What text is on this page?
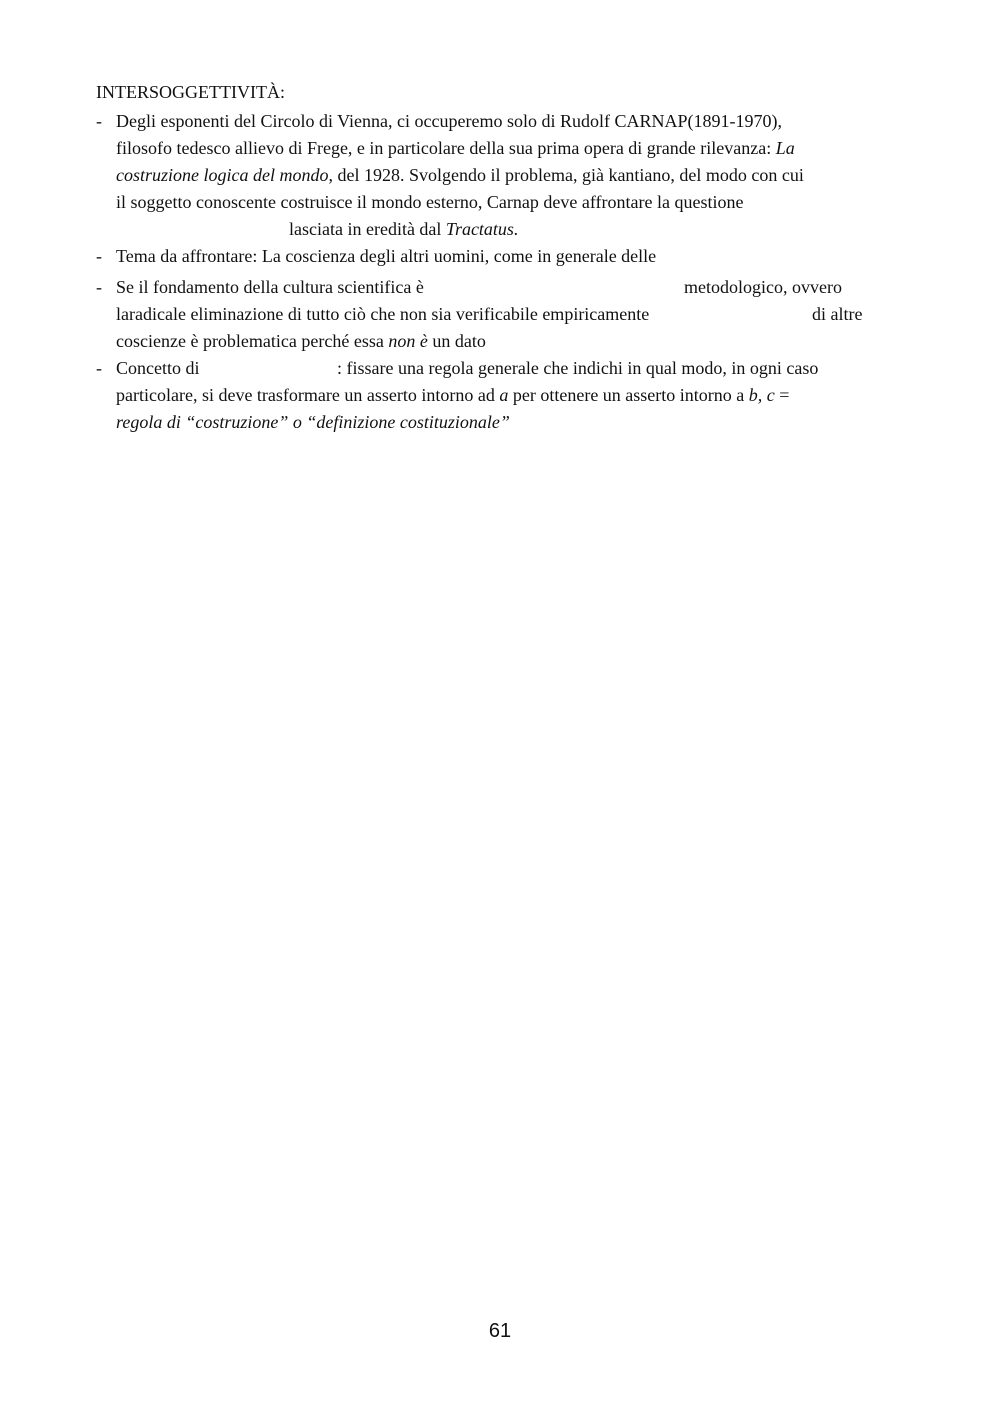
INTERSOGGETTIVITÀ:
- Degli esponenti del Circolo di Vienna, ci occuperemo solo di Rudolf CARNAP(1891-1970),
filosofo tedesco allievo di Frege, e in particolare della sua prima opera di grande rilevanza: La
costruzione logica del mondo, del 1928. Svolgendo il problema, già kantiano, del modo con cui
il soggetto conoscente costruisce il mondo esterno, Carnap deve affrontare la questione
lasciata in eredità dal Tractatus.
- Tema da affrontare: La coscienza degli altri uomini, come in generale delle
- Se il fondamento della cultura scientifica è	metodologico, ovvero
laradicale eliminazione di tutto ciò che non sia verificabile empiricamente	di altre
coscienze è problematica perché essa non è un dato
- Concetto di	: fissare una regola generale che indichi in qual modo, in ogni caso
particolare, si deve trasformare un asserto intorno ad a per ottenere un asserto intorno a b, c =
regola di “costruzione” o “definizione costituzionale”
61
